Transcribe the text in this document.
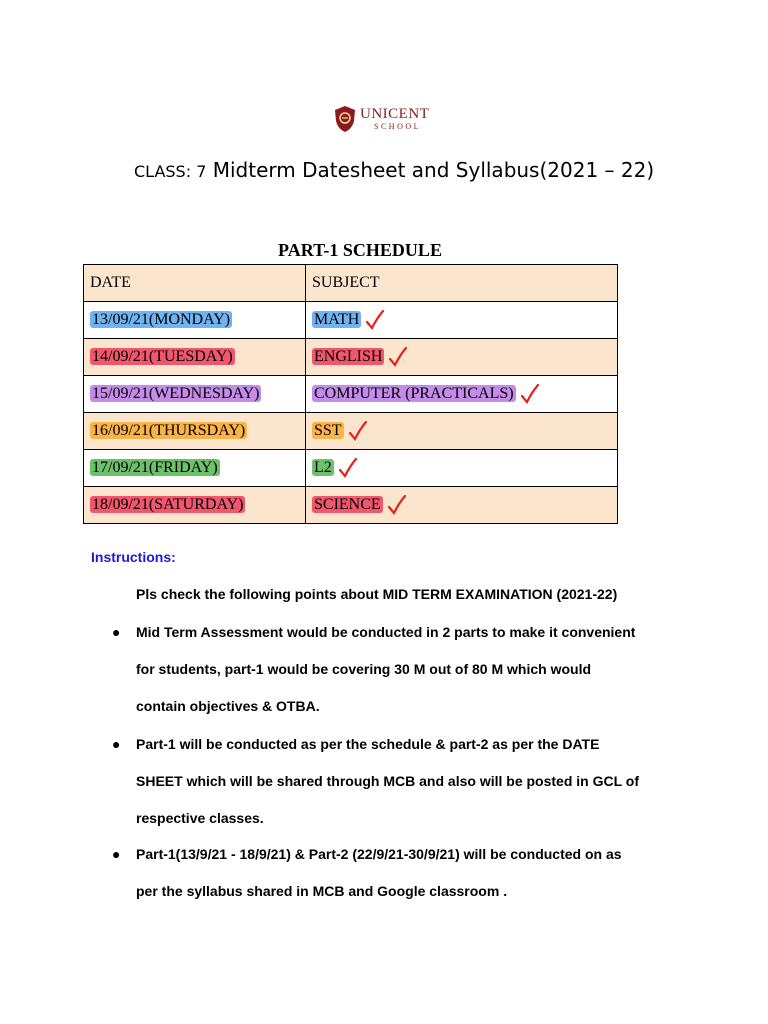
UNICENT
SCHOOL
CLASS: 7 Midterm Datesheet and Syllabus(2021 – 22)
PART-1 SCHEDULE
DATE	SUBJECT
13/09/21(MONDAY)	MATH
14/09/21(TUESDAY)	ENGLISH
15/09/21(WEDNESDAY)	COMPUTER (PRACTICALS)
16/09/21(THURSDAY)	SST
17/09/21(FRIDAY)	L2
18/09/21(SATURDAY)	SCIENCE
Instructions:
Pls check the following points about MID TERM EXAMINATION (2021-22)
● Mid Term Assessment would be conducted in 2 parts to make it convenient
for students, part-1 would be covering 30 M out of 80 M which would
contain objectives & OTBA.
● Part-1 will be conducted as per the schedule & part-2 as per the DATE
SHEET which will be shared through MCB and also will be posted in GCL of
respective classes.
● Part-1(13/9/21 - 18/9/21) & Part-2 (22/9/21-30/9/21) will be conducted on as
per the syllabus shared in MCB and Google classroom .
